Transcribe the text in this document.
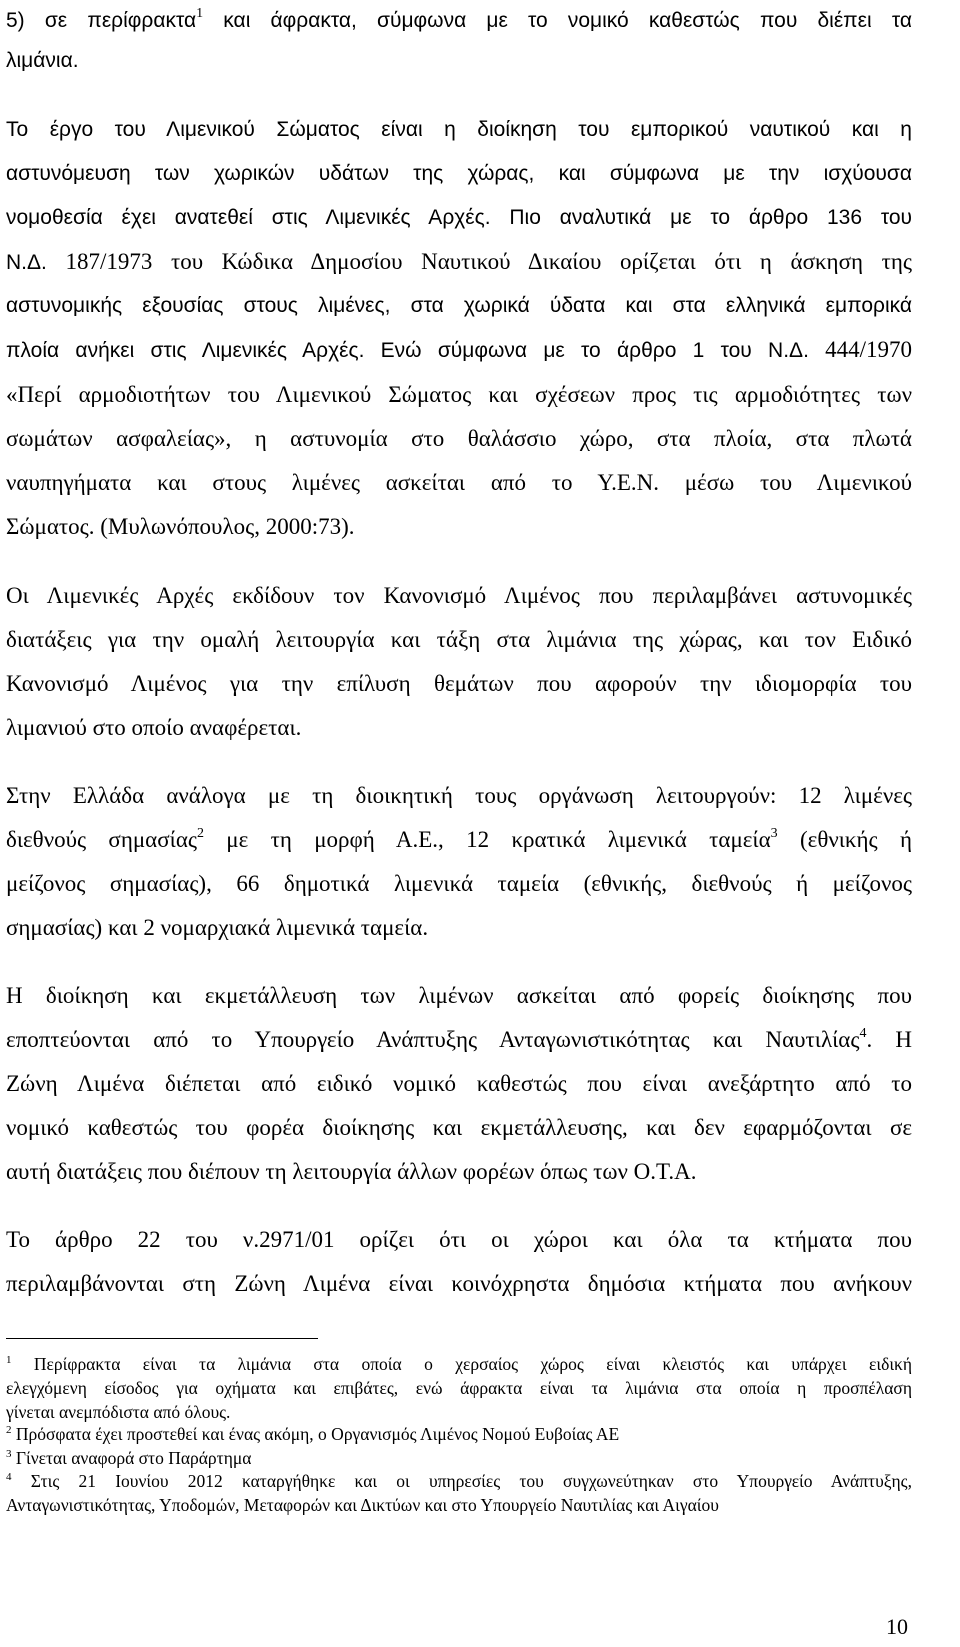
5) σε περίφρακτα$^1$ και άφρακτα, σύμφωνα με το νομικό καθεστώς που διέπει τα
λιμάνια.
Το έργο του Λιμενικού Σώματος είναι η διοίκηση του εμπορικού ναυτικού και η
αστυνόμευση των χωρικών υδάτων της χώρας, και σύμφωνα με την ισχύουσα
νομοθεσία έχει ανατεθεί στις Λιμενικές Αρχές. Πιο αναλυτικά με το άρθρο 136 του
Ν.Δ. 187/1973 του Κώδικα Δημοσίου Ναυτικού Δικαίου ορίζεται ότι η άσκηση της
αστυνομικής εξουσίας στους λιμένες, στα χωρικά ύδατα και στα ελληνικά εμπορικά
πλοία ανήκει στις Λιμενικές Αρχές. Ενώ σύμφωνα με το άρθρο 1 του Ν.Δ. 444/1970
«Περί αρμοδιοτήτων του Λιμενικού Σώματος και σχέσεων προς τις αρμοδιότητες των
σωμάτων ασφαλείας», η αστυνομία στο θαλάσσιο χώρο, στα πλοία, στα πλωτά
ναυπηγήματα και στους λιμένες ασκείται από το Υ.Ε.Ν. μέσω του Λιμενικού
Σώματος. (Μυλωνόπουλος, 2000:73).
Οι Λιμενικές Αρχές εκδίδουν τον Κανονισμό Λιμένος που περιλαμβάνει αστυνομικές
διατάξεις για την ομαλή λειτουργία και τάξη στα λιμάνια της χώρας, και τον Ειδικό
Κανονισμό Λιμένος για την επίλυση θεμάτων που αφορούν την ιδιομορφία του
λιμανιού στο οποίο αναφέρεται.
Στην Ελλάδα ανάλογα με τη διοικητική τους οργάνωση λειτουργούν: 12 λιμένες
διεθνούς σημασίας$^2$ με τη μορφή Α.Ε., 12 κρατικά λιμενικά ταμεία$^3$ (εθνικής ή
μείζονος σημασίας), 66 δημοτικά λιμενικά ταμεία (εθνικής, διεθνούς ή μείζονος
σημασίας) και 2 νομαρχιακά λιμενικά ταμεία.
Η διοίκηση και εκμετάλλευση των λιμένων ασκείται από φορείς διοίκησης που
εποπτεύονται από το Υπουργείο Ανάπτυξης Ανταγωνιστικότητας και Ναυτιλίας$^4$. Η
Ζώνη Λιμένα διέπεται από ειδικό νομικό καθεστώς που είναι ανεξάρτητο από το
νομικό καθεστώς του φορέα διοίκησης και εκμετάλλευσης, και δεν εφαρμόζονται σε
αυτή διατάξεις που διέπουν τη λειτουργία άλλων φορέων όπως των Ο.Τ.Α.
Το άρθρο 22 του ν.2971/01 ορίζει ότι οι χώροι και όλα τα κτήματα που
περιλαμβάνονται στη Ζώνη Λιμένα είναι κοινόχρηστα δημόσια κτήματα που ανήκουν
$^1$ Περίφρακτα είναι τα λιμάνια στα οποία ο χερσαίος χώρος είναι κλειστός και υπάρχει ειδική
ελεγχόμενη είσοδος για οχήματα και επιβάτες, ενώ άφρακτα είναι τα λιμάνια στα οποία η προσπέλαση
γίνεται ανεμπόδιστα από όλους.
$^2$ Πρόσφατα έχει προστεθεί και ένας ακόμη, ο Οργανισμός Λιμένος Νομού Ευβοίας ΑΕ
$^3$ Γίνεται αναφορά στο Παράρτημα
$^4$ Στις 21 Ιουνίου 2012 καταργήθηκε και οι υπηρεσίες του συγχωνεύτηκαν στο Υπουργείο Ανάπτυξης,
Ανταγωνιστικότητας, Υποδομών, Μεταφορών και Δικτύων και στο Υπουργείο Ναυτιλίας και Αιγαίου
10
